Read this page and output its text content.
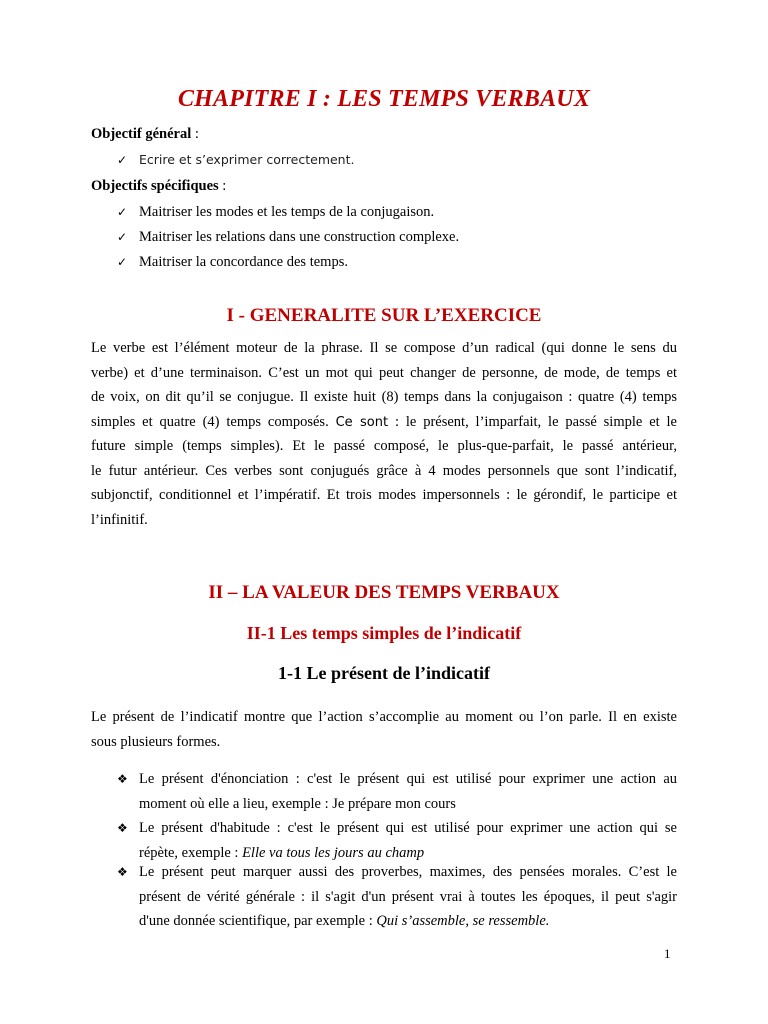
CHAPITRE I : LES TEMPS VERBAUX

Objectif général :

✓ Ecrire et s’exprimer correctement.

Objectifs spécifiques :

✓ Maitriser les modes et les temps de la conjugaison.

✓ Maitriser les relations dans une construction complexe.

✓ Maitriser la concordance des temps.

I - GENERALITE SUR L’EXERCICE
Le verbe est l’élément moteur de la phrase. Il se compose d’un radical (qui donne le sens du
verbe) et d’une terminaison. C’est un mot qui peut changer de personne, de mode, de temps et
de voix, on dit qu’il se conjugue. Il existe huit (8) temps dans la conjugaison : quatre (4) temps
simples et quatre (4) temps composés. Ce sont : le présent, l’imparfait, le passé simple et le
future simple (temps simples). Et le passé composé, le plus-que-parfait, le passé antérieur,
le futur antérieur. Ces verbes sont conjugués grâce à 4 modes personnels que sont l’indicatif,
subjonctif, conditionnel et l’impératif. Et trois modes impersonnels : le gérondif, le participe et
l’infinitif.
II – LA VALEUR DES TEMPS VERBAUX
II-1 Les temps simples de l’indicatif
1-1 Le présent de l’indicatif
Le présent de l’indicatif montre que l’action s’accomplie au moment ou l’on parle. Il en existe
sous plusieurs formes.
❖ Le présent d'énonciation : c'est le présent qui est utilisé pour exprimer une action au
moment où elle a lieu, exemple : Je prépare mon cours
❖ Le présent d'habitude : c'est le présent qui est utilisé pour exprimer une action qui se
répète, exemple : Elle va tous les jours au champ
❖ Le présent peut marquer aussi des proverbes, maximes, des pensées morales. C’est le
présent de vérité générale : il s'agit d'un présent vrai à toutes les époques, il peut s'agir
d'une donnée scientifique, par exemple : Qui s’assemble, se ressemble.

1
